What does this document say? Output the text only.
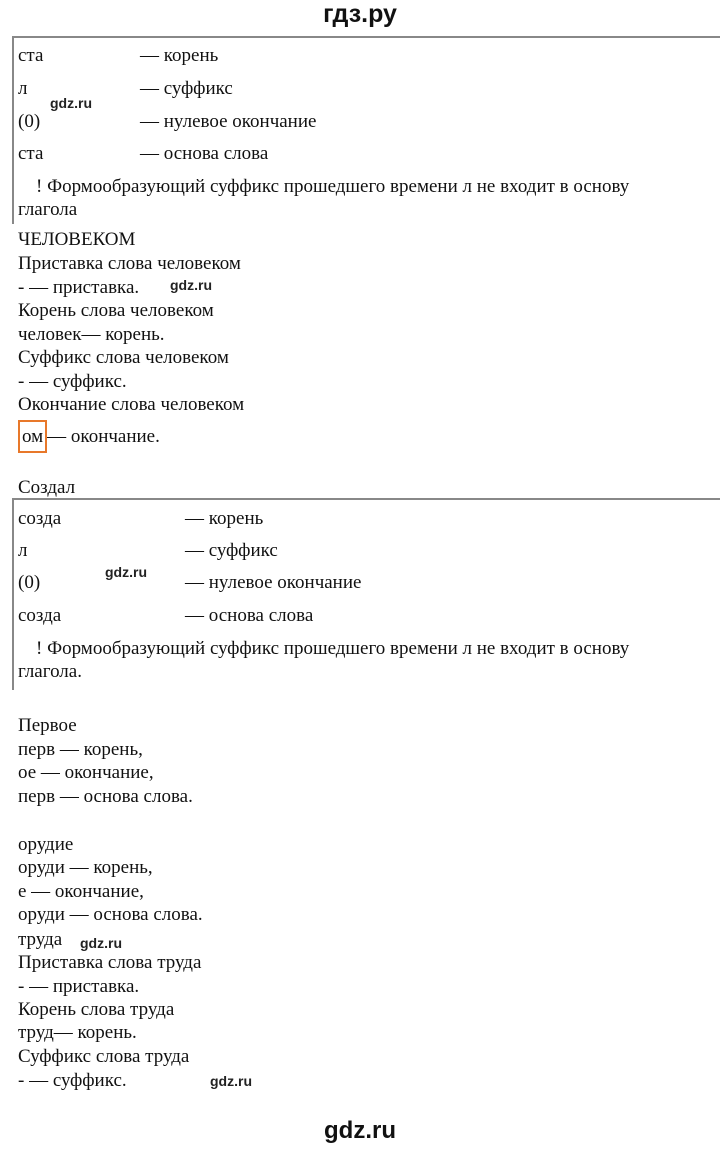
гдз.ру
ста	— корень
л	— суффикс
(0)	— нулевое окончание
ста	— основа слова
! Формообразующий суффикс прошедшего времени л не входит в основу
глагола
gdz.ru
ЧЕЛОВЕКОМ
Приставка слова человеком
- — приставка. gdz.ru
Корень слова человеком
человек— корень.
Суффикс слова человеком
- — суффикс.
Окончание слова человеком
ом — окончание.
Создал
созда	— корень
л	— суффикс
(0)	— нулевое окончание
gdz.ru
созда	— основа слова
! Формообразующий суффикс прошедшего времени л не входит в основу
глагола.
Первое
перв — корень,
ое — окончание,
перв — основа слова.
орудие
оруди — корень,
е — окончание,
оруди — основа слова.
труда gdz.ru
Приставка слова труда
- — приставка.
Корень слова труда
труд— корень.
Суффикс слова труда
gdz.ru
- — суффикс.
gdz.ru
